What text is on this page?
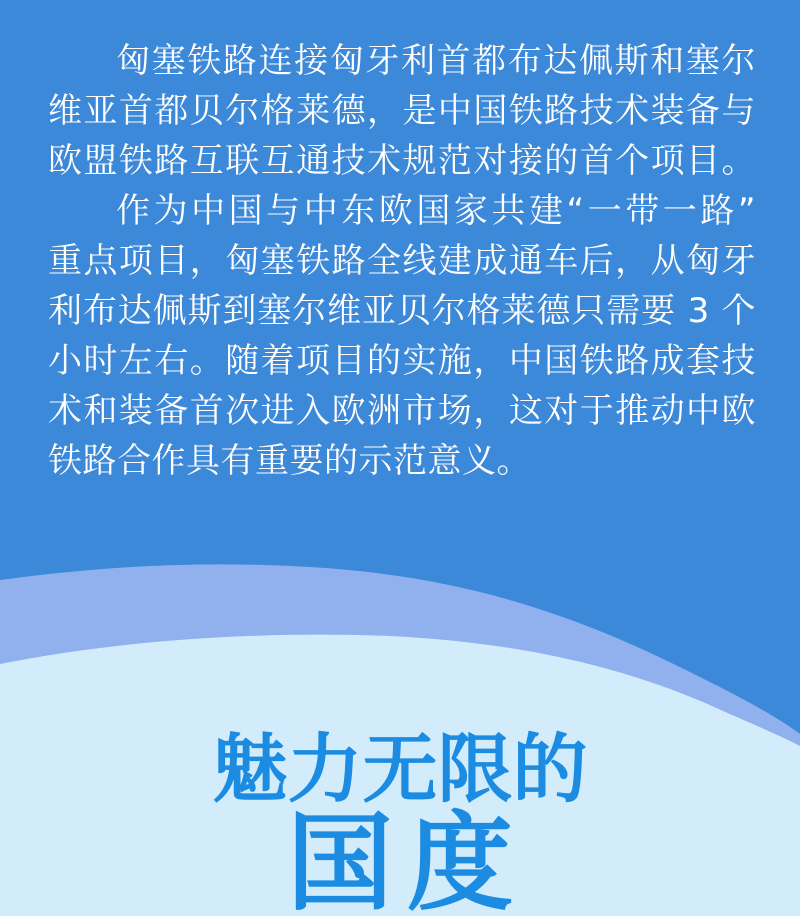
匈塞铁路连接匈牙利首都布达佩斯和塞尔
维亚首都贝尔格莱德，是中国铁路技术装备与
欧盟铁路互联互通技术规范对接的首个项目。
作为中国与中东欧国家共建“一带一路”
重点项目，匈塞铁路全线建成通车后，从匈牙
利布达佩斯到塞尔维亚贝尔格莱德只需要 3 个
小时左右。随着项目的实施，中国铁路成套技
术和装备首次进入欧洲市场，这对于推动中欧
铁路合作具有重要的示范意义。
魅力无限的
国度
